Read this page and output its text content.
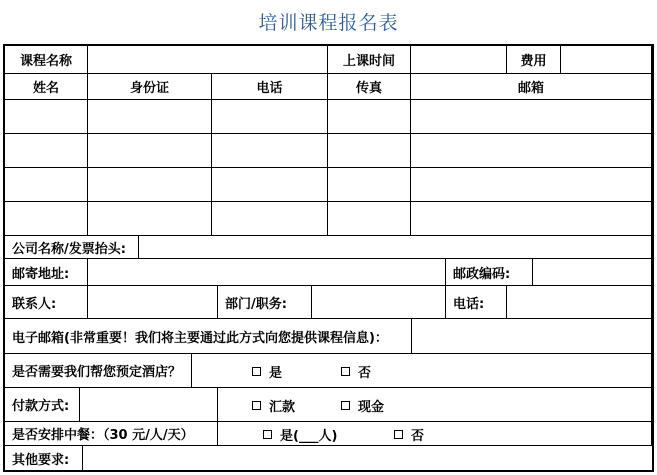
培训课程报名表
课程名称	上课时间	费用
姓名	身份证	电话	传真	邮箱
公司名称/发票抬头:
邮寄地址:	邮政编码:
联系人:	部门/职务:	电话:
电子邮箱(非常重要！我们将主要通过此方式向您提供课程信息)：
是否需要我们帮您预定酒店？	是	否
付款方式:	汇款	现金
是否安排中餐：（30 元/人/天）	是(___人)	否
其他要求:
